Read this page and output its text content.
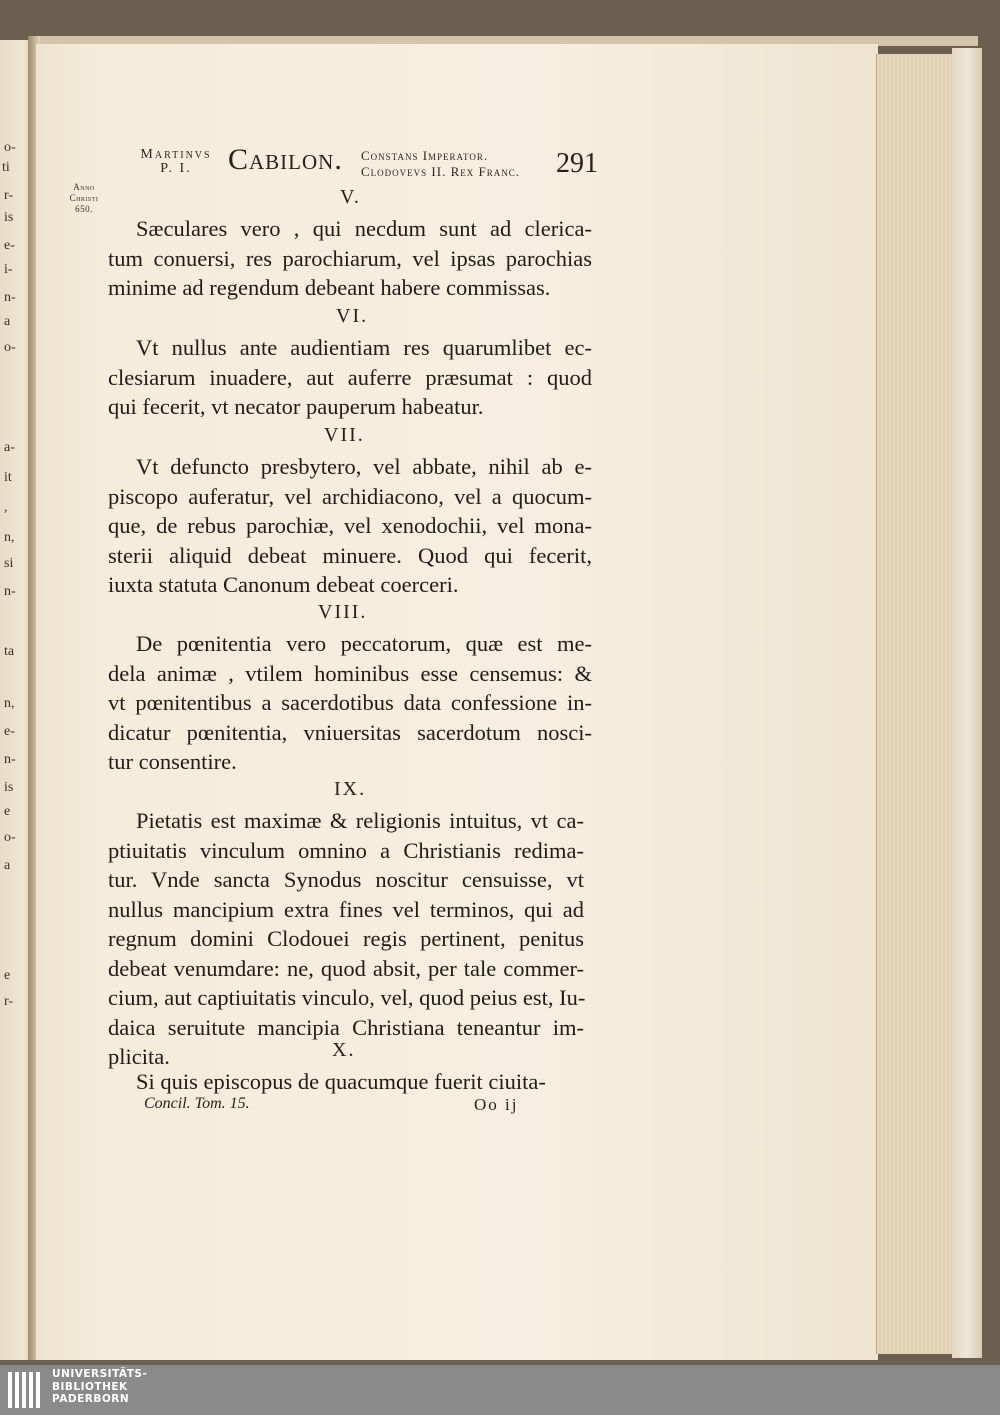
o-
ti
r-
is
e-
i-
n-
a
o-
a-
it
,
n,
si
n-
ta
n,
e-
n-
is
e
o-
a
e
r-
Martinvs
P. I.	Cabilon. Constans Imperator.
Clodovevs II. Rex Franc.	291
Anno
Christi
650.
V.
Sæculares vero , qui necdum sunt ad clerica-
tum conuersi, res parochiarum, vel ipsas parochias
minime ad regendum debeant habere commissas.
VI.
Vt nullus ante audientiam res quarumlibet ec-
clesiarum inuadere, aut auferre præsumat : quod
qui fecerit, vt necator pauperum habeatur.
VII.
Vt defuncto presbytero, vel abbate, nihil ab e-
piscopo auferatur, vel archidiacono, vel a quocum-
que, de rebus parochiæ, vel xenodochii, vel mona-
sterii aliquid debeat minuere. Quod qui fecerit,
iuxta statuta Canonum debeat coerceri.
VIII.
De pœnitentia vero peccatorum, quæ est me-
dela animæ , vtilem hominibus esse censemus: &
vt pœnitentibus a sacerdotibus data confessione in-
dicatur pœnitentia, vniuersitas sacerdotum nosci-
tur consentire.
IX.
Pietatis est maximæ & religionis intuitus, vt ca-
ptiuitatis vinculum omnino a Christianis redima-
tur. Vnde sancta Synodus noscitur censuisse, vt
nullus mancipium extra fines vel terminos, qui ad
regnum domini Clodouei regis pertinent, penitus
debeat venumdare: ne, quod absit, per tale commer-
cium, aut captiuitatis vinculo, vel, quod peius est, Iu-
daica seruitute mancipia Christiana teneantur im-
plicita.	X.
Si quis episcopus de quacumque fuerit ciuita-
Concil. Tom. 15.	Oo ij
UNIVERSITÄTS-
BIBLIOTHEK
PADERBORN
